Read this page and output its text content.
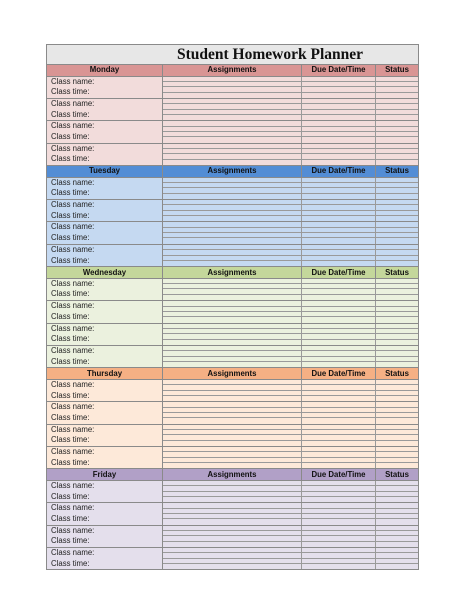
Student Homework Planner
Monday	Assignments	Due Date/Time	Status
Class name:
Class time:
Class name:
Class time:
Class name:
Class time:
Class name:
Class time:
Tuesday	Assignments	Due Date/Time	Status
Class name:
Class time:
Class name:
Class time:
Class name:
Class time:
Class name:
Class time:
Wednesday	Assignments	Due Date/Time	Status
Class name:
Class time:
Class name:
Class time:
Class name:
Class time:
Class name:
Class time:
Thursday	Assignments	Due Date/Time	Status
Class name:
Class time:
Class name:
Class time:
Class name:
Class time:
Class name:
Class time:
Friday	Assignments	Due Date/Time	Status
Class name:
Class time:
Class name:
Class time:
Class name:
Class time:
Class name:
Class time:
